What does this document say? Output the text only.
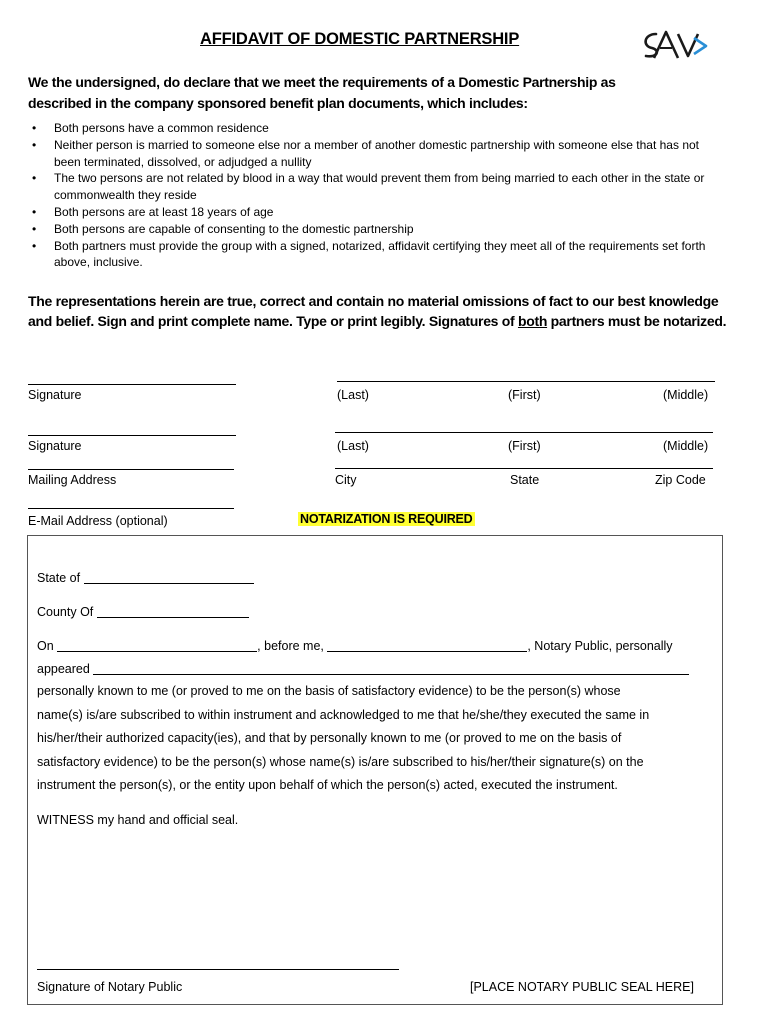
AFFIDAVIT OF DOMESTIC PARTNERSHIP
We the undersigned, do declare that we meet the requirements of a Domestic Partnership as
described in the company sponsored benefit plan documents, which includes:
• Both persons have a common residence
• Neither person is married to someone else nor a member of another domestic partnership with someone else that has not been terminated, dissolved, or adjudged a nullity
• The two persons are not related by blood in a way that would prevent them from being married to each other in the state or commonwealth they reside
• Both persons are at least 18 years of age
• Both persons are capable of consenting to the domestic partnership
• Both partners must provide the group with a signed, notarized, affidavit certifying they meet all of the requirements set forth above, inclusive.
The representations herein are true, correct and contain no material omissions of fact to our best knowledge and belief. Sign and print complete name. Type or print legibly. Signatures of both partners must be notarized.
Signature	(Last)	(First)	(Middle)
Signature	(Last)	(First)	(Middle)
Mailing Address	City	State	Zip Code
E-Mail Address (optional)	NOTARIZATION IS REQUIRED
State of
County Of
On	, before me,	, Notary Public, personally
appeared
personally known to me (or proved to me on the basis of satisfactory evidence) to be the person(s) whose
name(s) is/are subscribed to within instrument and acknowledged to me that he/she/they executed the same in
his/her/their authorized capacity(ies), and that by personally known to me (or proved to me on the basis of
satisfactory evidence) to be the person(s) whose name(s) is/are subscribed to his/her/their signature(s) on the
instrument the person(s), or the entity upon behalf of which the person(s) acted, executed the instrument.
WITNESS my hand and official seal.
Signature of Notary Public	[PLACE NOTARY PUBLIC SEAL HERE]
